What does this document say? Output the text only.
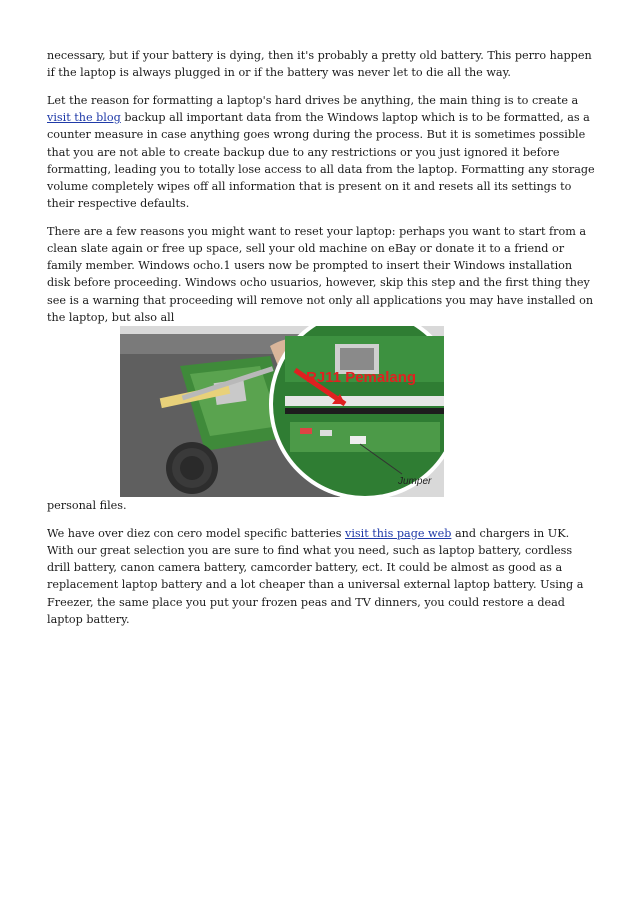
necessary, but if your battery is dying, then it's probably a pretty old battery. This perro happen if the laptop is always plugged in or if the battery was never let to die all the way.

Let the reason for formatting a laptop's hard drives be anything, the main thing is to create a visit the blog backup all important data from the Windows laptop which is to be formatted, as a counter measure in case anything goes wrong during the process. But it is sometimes possible that you are not able to create backup due to any restrictions or you just ignored it before formatting, leading you to totally lose access to all data from the laptop. Formatting any storage volume completely wipes off all information that is present on it and resets all its settings to their respective defaults.

There are a few reasons you might want to reset your laptop: perhaps you want to start from a clean slate again or free up space, sell your old machine on eBay or donate it to a friend or family member. Windows ocho.1 users now be prompted to insert their Windows installation disk before proceeding. Windows ocho usuarios, however, skip this step and the first thing they see is a warning that proceeding will remove not only all applications you may have installed on the laptop, but also all

RJ11 Pemalang
Jumper

personal files.

We have over diez con cero model specific batteries visit this page web and chargers in UK. With our great selection you are sure to find what you need, such as laptop battery, cordless drill battery, canon camera battery, camcorder battery, ect. It could be almost as good as a replacement laptop battery and a lot cheaper than a universal external laptop battery. Using a Freezer, the same place you put your frozen peas and TV dinners, you could restore a dead laptop battery.
